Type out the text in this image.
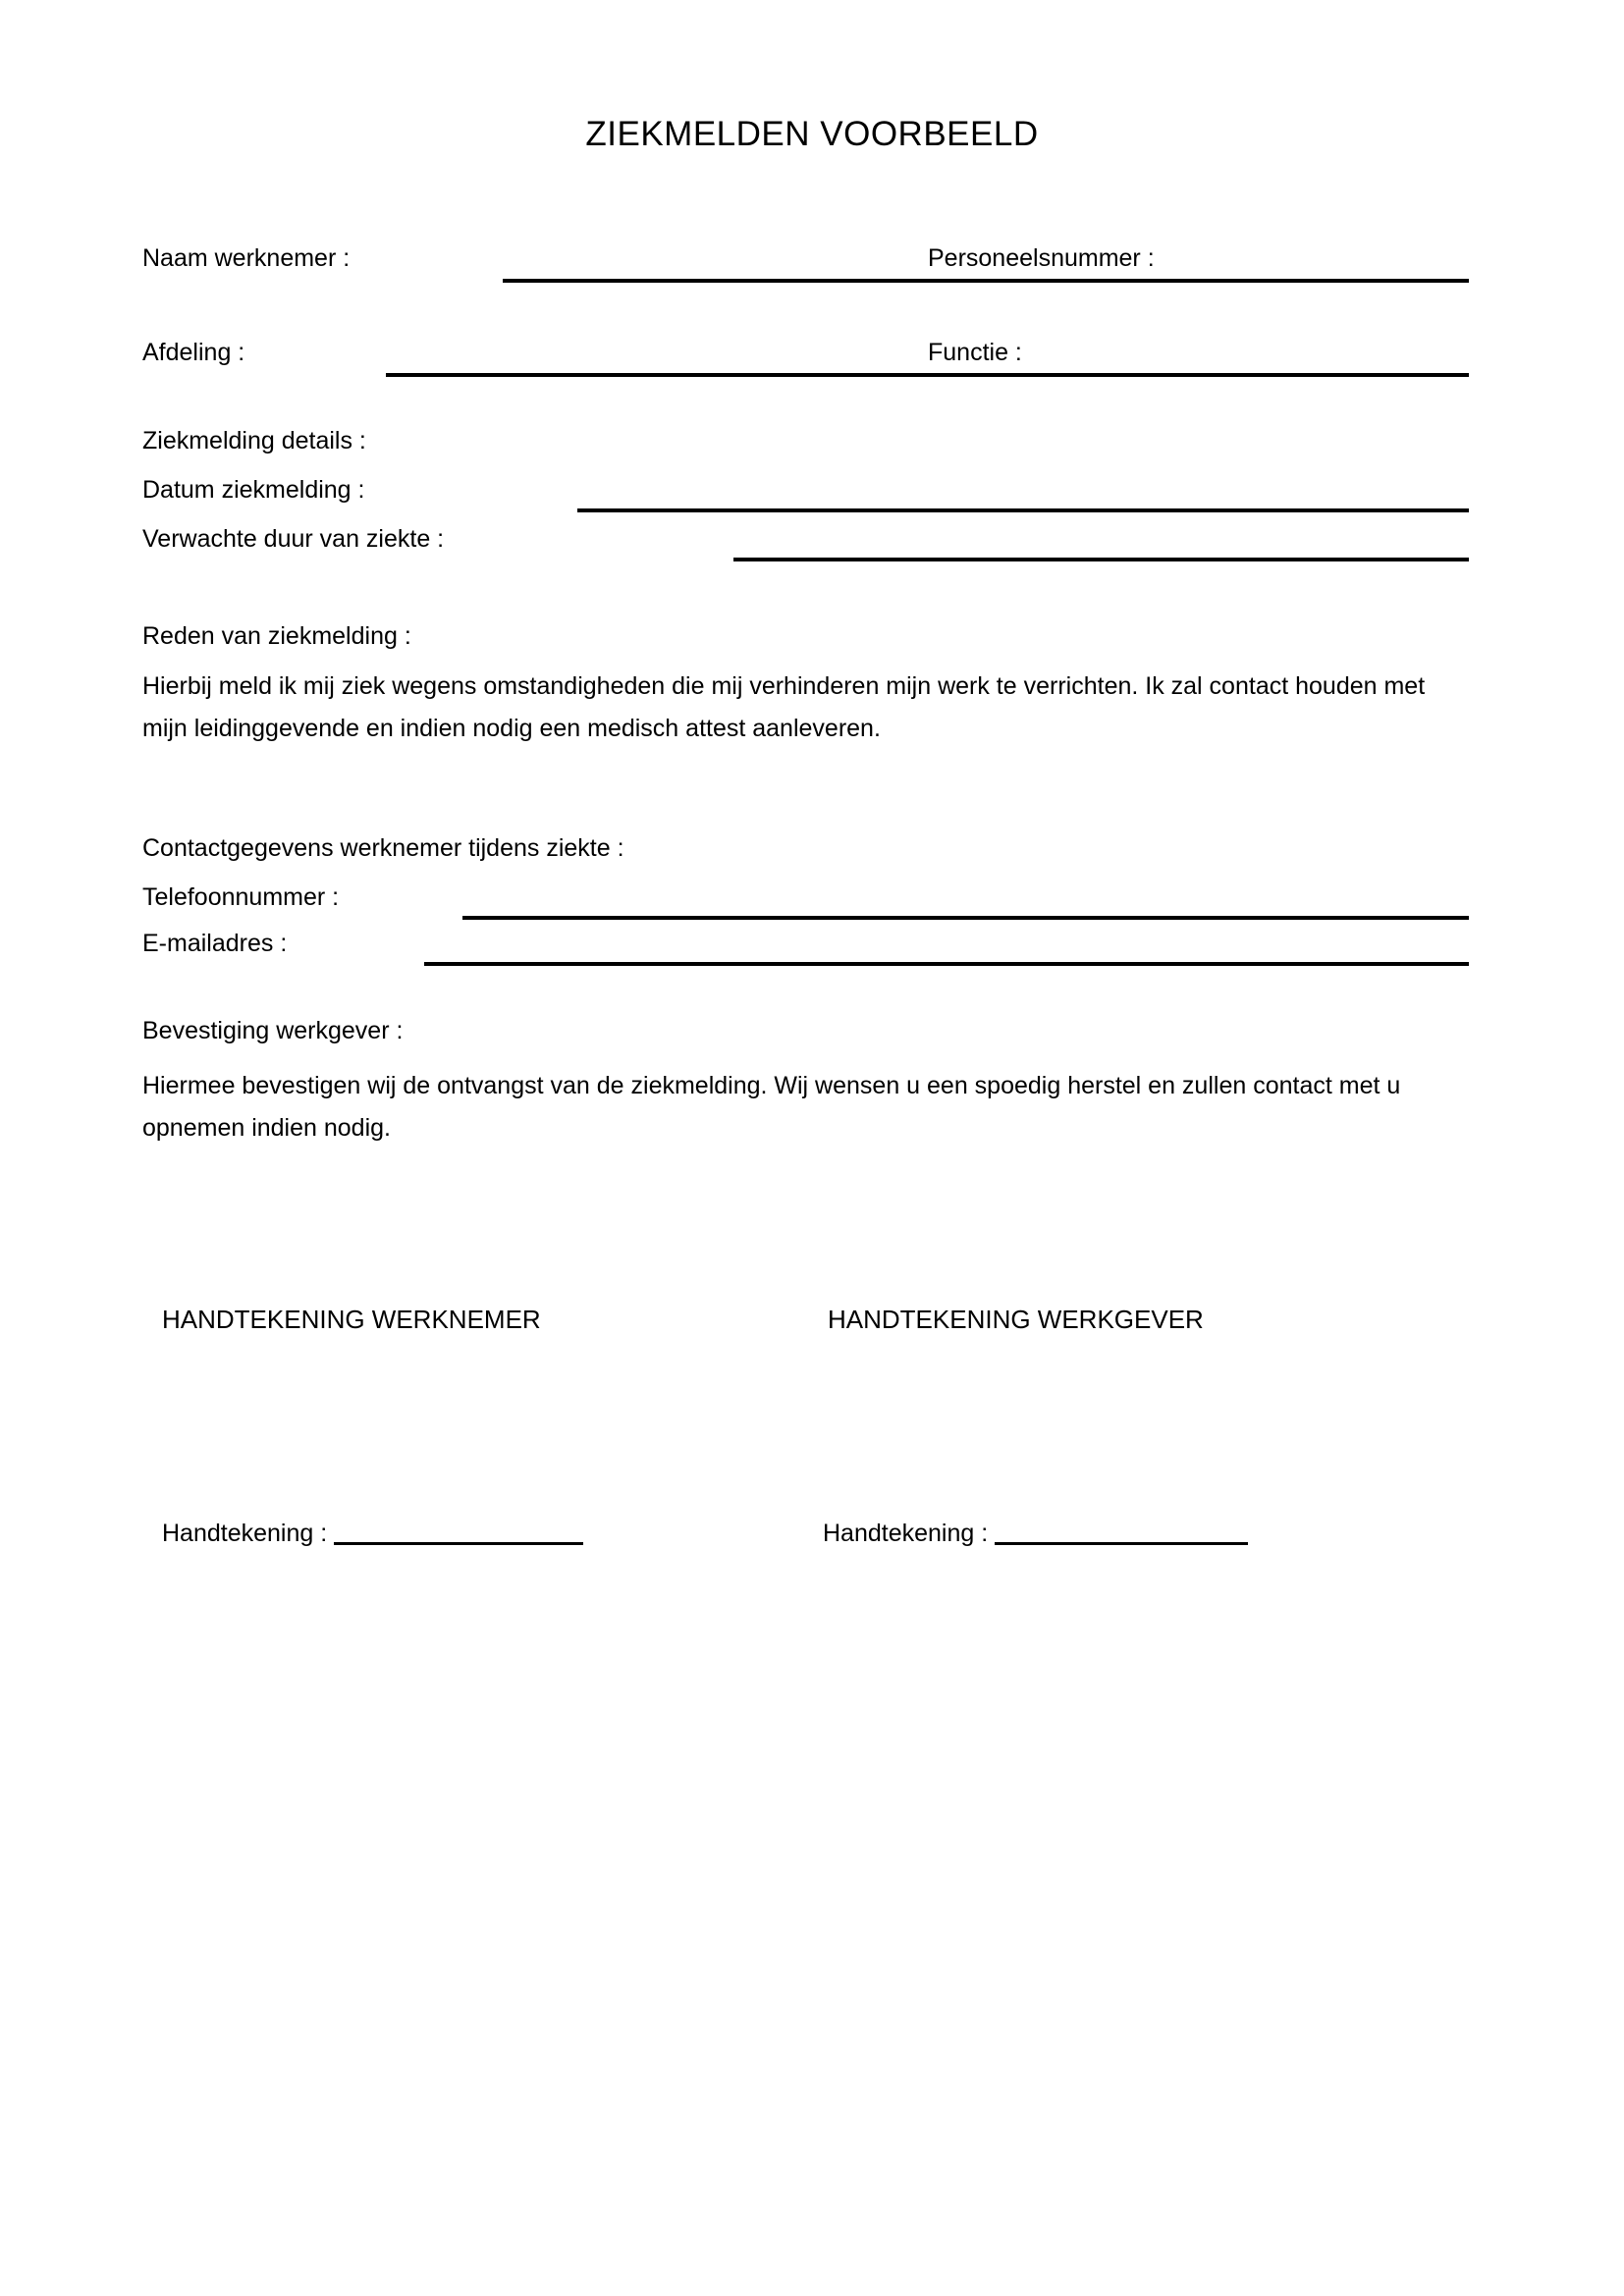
ZIEKMELDEN VOORBEELD
Naam werknemer :	Personeelsnummer :
Afdeling :	Functie :
Ziekmelding details :
Datum ziekmelding :
Verwachte duur van ziekte :
Reden van ziekmelding :
Hierbij meld ik mij ziek wegens omstandigheden die mij verhinderen mijn werk te verrichten. Ik zal contact houden met mijn leidinggevende en indien nodig een medisch attest aanleveren.
Contactgegevens werknemer tijdens ziekte :
Telefoonnummer :
E-mailadres :
Bevestiging werkgever :
Hiermee bevestigen wij de ontvangst van de ziekmelding. Wij wensen u een spoedig herstel en zullen contact met u opnemen indien nodig.
HANDTEKENING WERKNEMER	HANDTEKENING WERKGEVER
Handtekening :	Handtekening :
